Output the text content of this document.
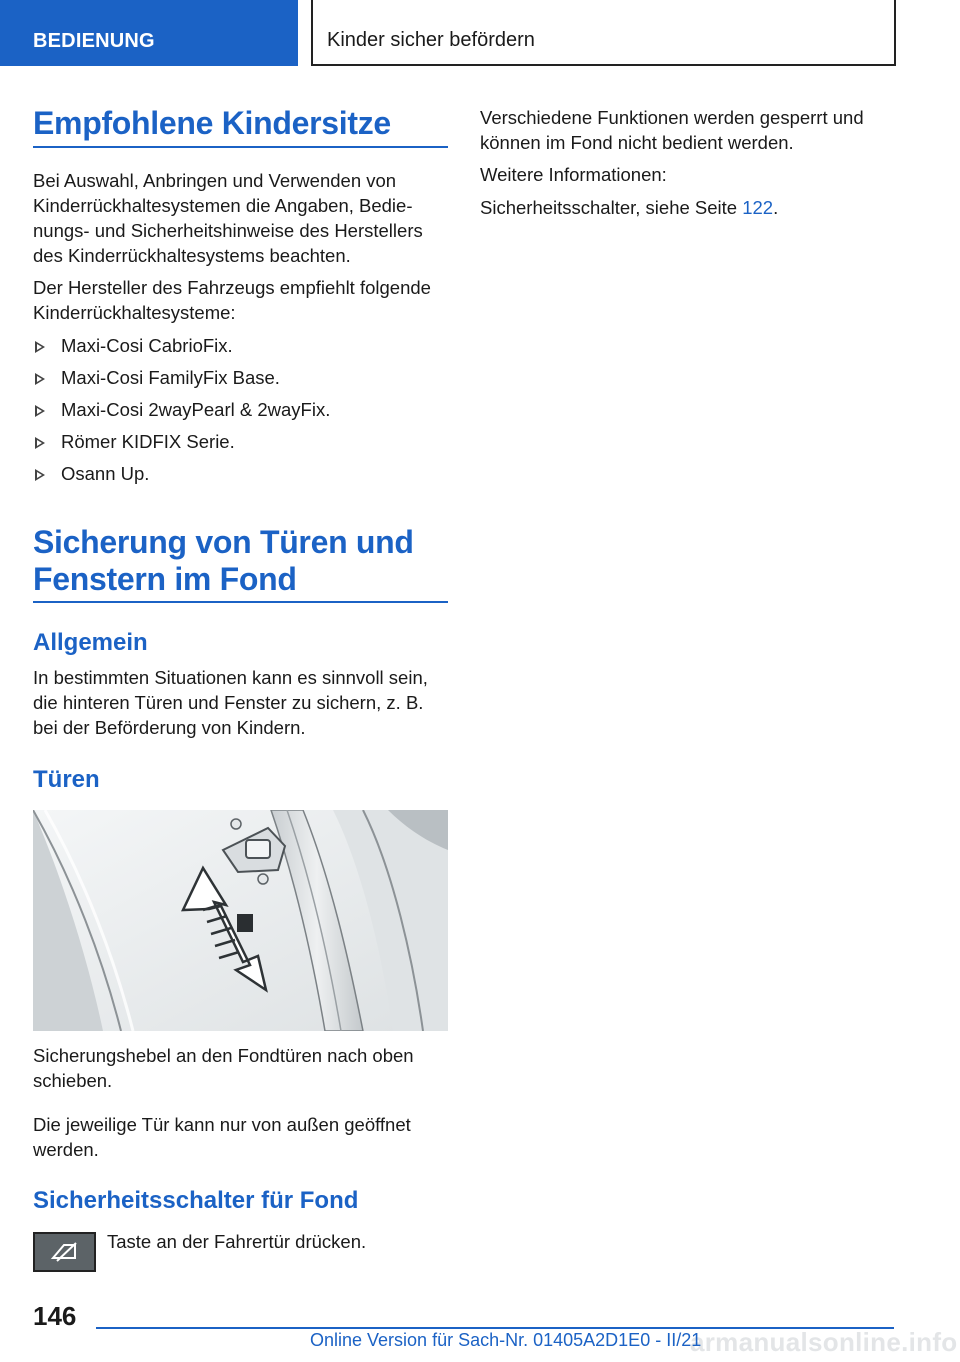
BEDIENUNG	Kinder sicher befördern
Empfohlene Kindersitze

Bei Auswahl, Anbringen und Verwenden von Kinderrückhaltesystemen die Angaben, Bedienungs- und Sicherheitshinweise des Herstellers des Kinderrückhaltesystems beachten.

Der Hersteller des Fahrzeugs empfiehlt folgende Kinderrückhaltesysteme:

Maxi-Cosi CabrioFix.
Maxi-Cosi FamilyFix Base.
Maxi-Cosi 2wayPearl & 2wayFix.
Römer KIDFIX Serie.
Osann Up.
Sicherung von Türen und Fenstern im Fond
Allgemein

In bestimmten Situationen kann es sinnvoll sein, die hinteren Türen und Fenster zu sichern, z. B. bei der Beförderung von Kindern.

Türen

Sicherungshebel an den Fondtüren nach oben schieben.

Die jeweilige Tür kann nur von außen geöffnet werden.

Sicherheitsschalter für Fond

Taste an der Fahrertür drücken.

Verschiedene Funktionen werden gesperrt und können im Fond nicht bedient werden.

Weitere Informationen:

Sicherheitsschalter, siehe Seite 122.

146
armanualsonline.info
Online Version für Sach-Nr. 01405A2D1E0 - II/21
